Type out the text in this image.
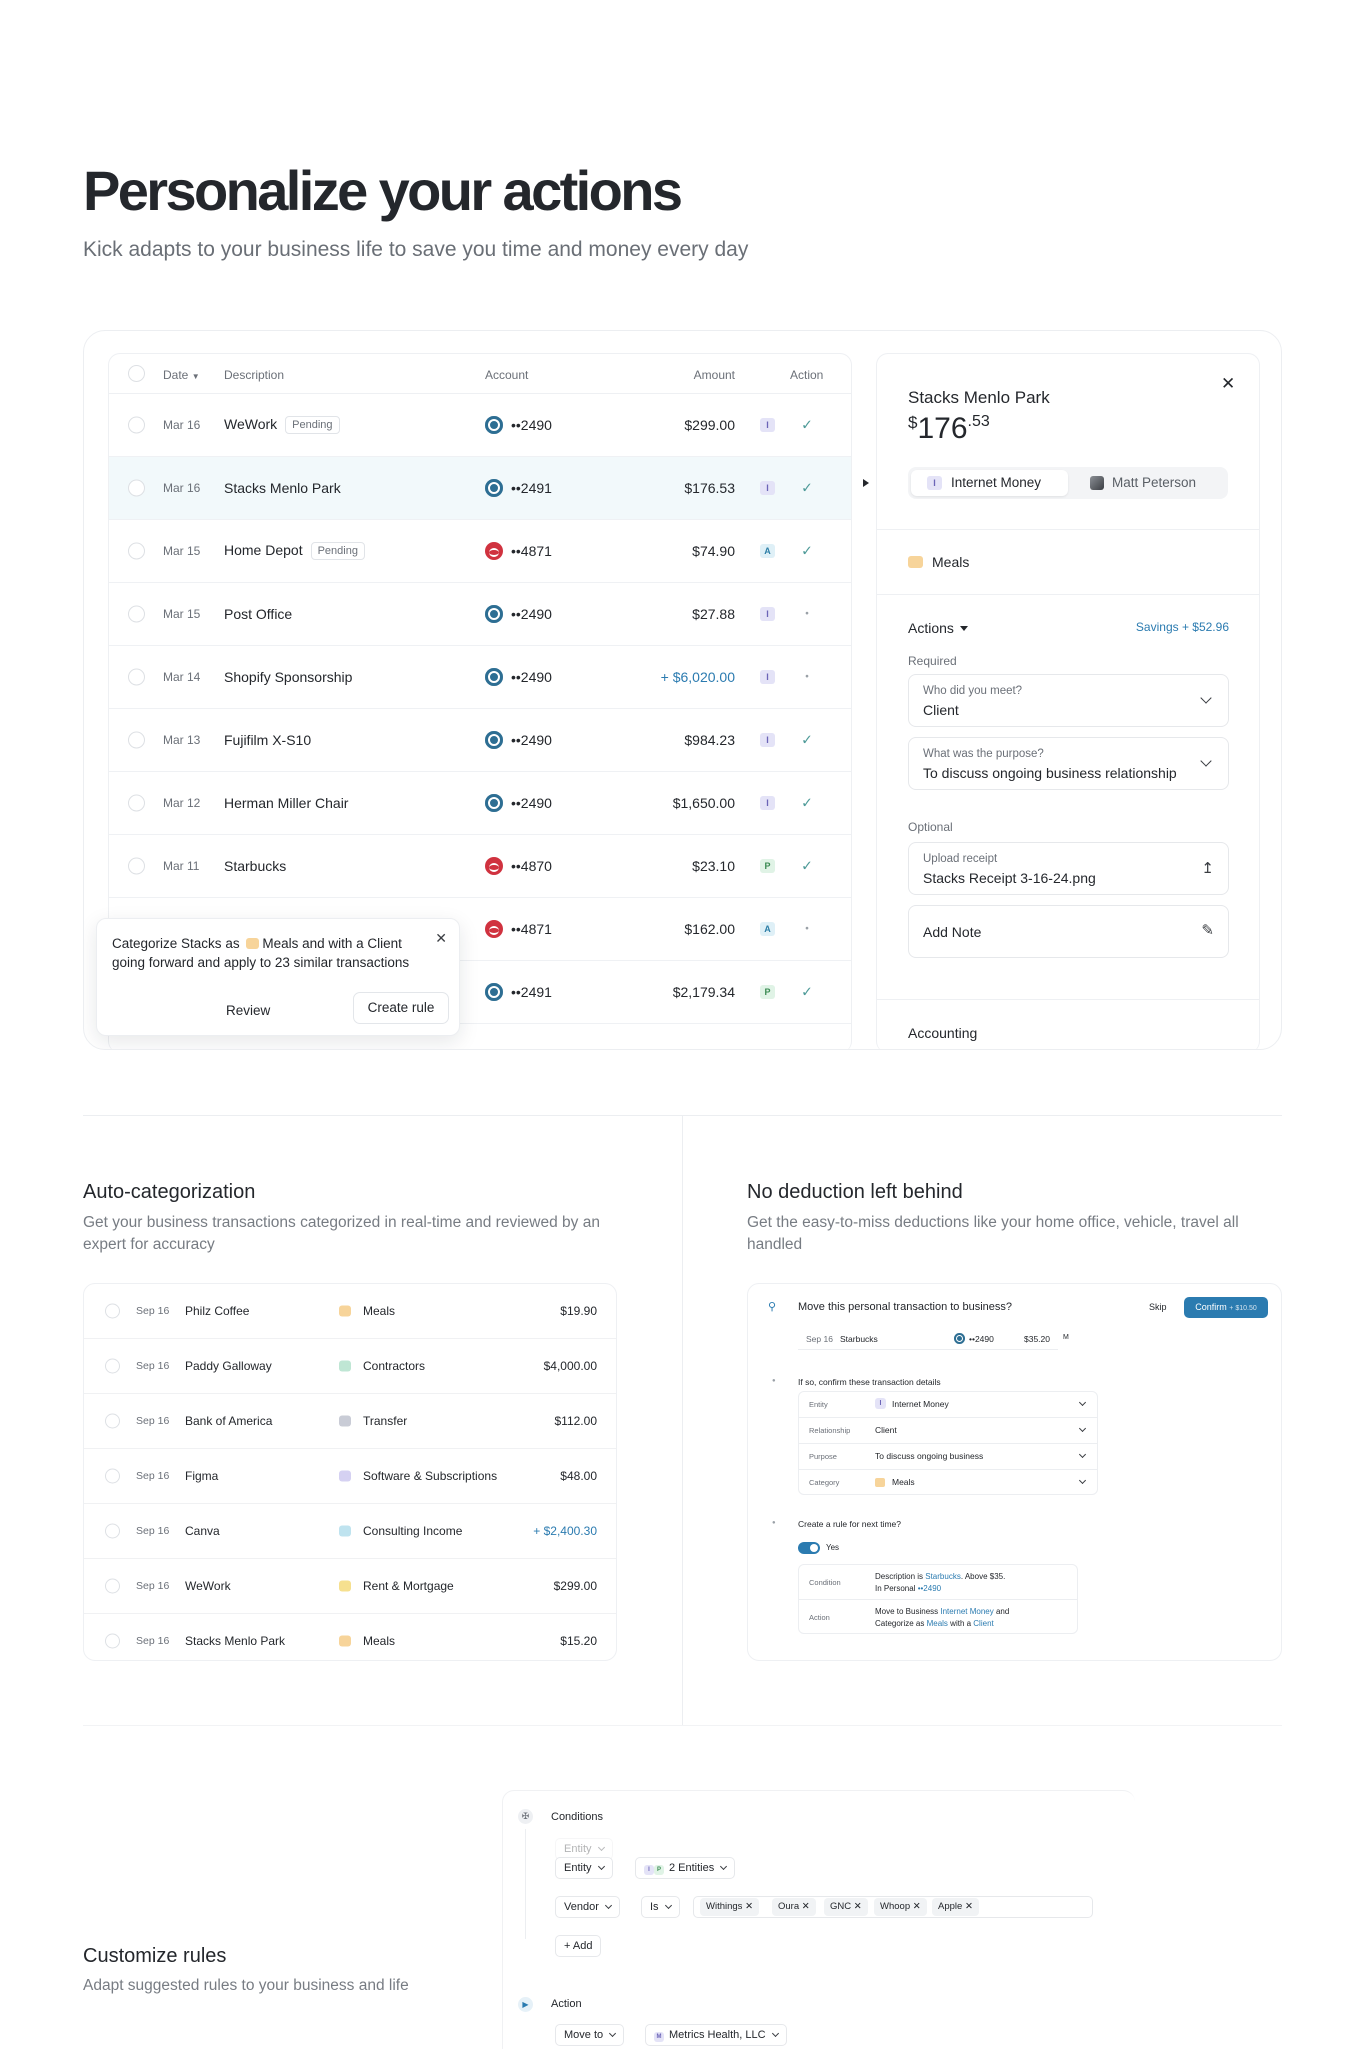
Personalize your actions

Kick adapts to your business life to save you time and money every day

Date ▼ Description	Account	Amount	Action
Mar 16 WeWork Pending	••2490	$299.00	I	✓
Mar 16 Stacks Menlo Park	••2491	$176.53	I	✓
Mar 15 Home Depot Pending	••4871	$74.90	A	✓
Mar 15 Post Office	••2490	$27.88	I	•
Mar 14 Shopify Sponsorship	••2490	+ $6,020.00	I	•
Mar 13 Fujifilm X-S10	••2490	$984.23	I	✓
Mar 12 Herman Miller Chair	••2490	$1,650.00	I	✓
Mar 11 Starbucks	••4870	$23.10	P	✓
••4871	$162.00	A	•
••2491	$2,179.34	P	✓
✕
Categorize Stacks as Meals and with a Client
going forward and apply to 23 similar transactions
Review	Create rule
✕
Stacks Menlo Park
$^{\$}176^{.53}$
I	Internet Money	Matt Peterson
Meals
Actions	Savings + $52.96
Required
Who did you meet?
Client
What was the purpose?
To discuss ongoing business relationship
Optional
Upload receipt
Stacks Receipt 3-16-24.png
↥
Add Note	✎
Accounting
Auto-categorization
Get your business transactions categorized in real-time and reviewed by an expert for accuracy
Sep 16 Philz Coffee	Meals	$19.90
Sep 16 Paddy Galloway	Contractors	$4,000.00
Sep 16 Bank of America	Transfer	$112.00
Sep 16 Figma	Software & Subscriptions	$48.00
Sep 16 Canva	Consulting Income	+ $2,400.30
Sep 16 WeWork	Rent & Mortgage	$299.00
Sep 16 Stacks Menlo Park	Meals	$15.20
No deduction left behind
Get the easy-to-miss deductions like your home office, vehicle, travel all handled
⚲ Move this personal transaction to business?	Skip	Confirm + $10.50
Sep 16 Starbucks	••2490	$35.20 M
If so, confirm these transaction details
●
Entity	I	Internet Money
Relationship	Client
Purpose	To discuss ongoing business
Category	Meals
●	Create a rule for next time?
Yes
Condition
Description is Starbucks. Above $35.
In Personal ••2490
Action
Move to Business Internet Money and
Categorize as Meals with a Client
Customize rules
Adapt suggested rules to your business and life
✠	Conditions
Entity
Entity	I P 2 Entities
Vendor	Is	Withings ✕	Oura ✕	GNC ✕	Whoop ✕	Apple ✕
+ Add
▶	Action
Move to	M Metrics Health, LLC
